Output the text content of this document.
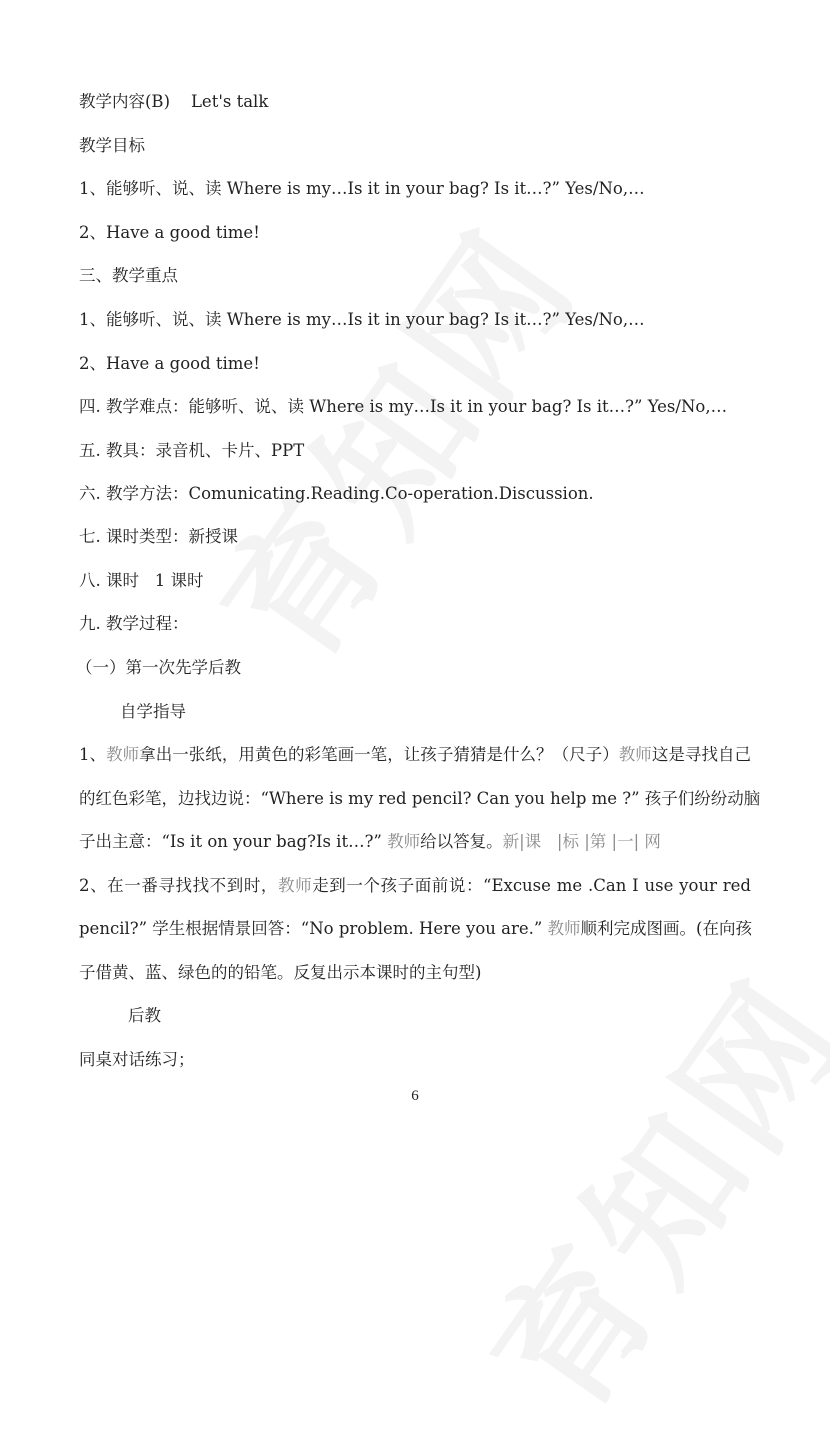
教学内容(B)    Let's talk
教学目标
1、能够听、说、读 Where is my…Is it in your bag? Is it…?” Yes/No,…
2、Have a good time!
三、教学重点
1、能够听、说、读 Where is my…Is it in your bag? Is it…?” Yes/No,…
2、Have a good time!
四. 教学难点：能够听、说、读 Where is my…Is it in your bag? Is it…?” Yes/No,…
五. 教具：录音机、卡片、PPT
六. 教学方法：Comunicating.Reading.Co-operation.Discussion.
七. 课时类型：新授课
八. 课时   1 课时
九. 教学过程：
（一）第一次先学后教
自学指导
1、教师拿出一张纸，用黄色的彩笔画一笔，让孩子猜猜是什么？（尺子）教师这是寻找自己
的红色彩笔，边找边说：“Where is my red pencil? Can you help me ?” 孩子们纷纷动脑
子出主意：“Is it on your bag?Is it…?” 教师给以答复。新|课   |标 |第 |一| 网
2、在一番寻找找不到时，教师走到一个孩子面前说：“Excuse me .Can I use your red
pencil?” 学生根据情景回答：“No problem. Here you are.” 教师顺利完成图画。(在向孩
子借黄、蓝、绿色的的铅笔。反复出示本课时的主句型)
后教
同桌对话练习；
6
